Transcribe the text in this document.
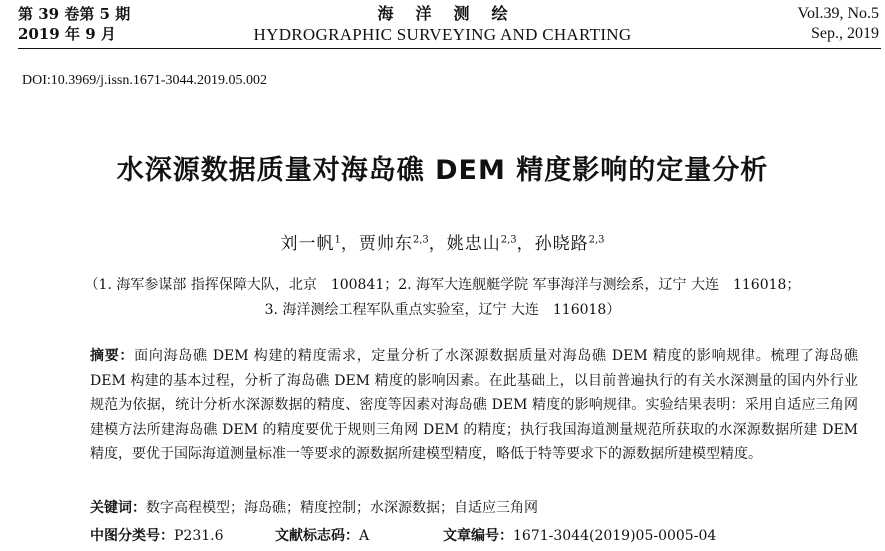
第 39 卷第 5 期
2019 年 9 月
海洋测绘
HYDROGRAPHIC SURVEYING AND CHARTING
Vol.39, No.5
Sep., 2019
DOI:10.3969/j.issn.1671-3044.2019.05.002
水深源数据质量对海岛礁 DEM 精度影响的定量分析
刘一帆$^1$，贾帅东$^{2,3}$，姚忠山$^{2,3}$，孙晓路$^{2,3}$
（1. 海军参谋部 指挥保障大队，北京　100841；2. 海军大连舰艇学院 军事海洋与测绘系，辽宁 大连　116018；
3. 海洋测绘工程军队重点实验室，辽宁 大连　116018）
摘要：面向海岛礁 DEM 构建的精度需求，定量分析了水深源数据质量对海岛礁 DEM 精度的影响规律。梳理了海岛礁 DEM 构建的基本过程，分析了海岛礁 DEM 精度的影响因素。在此基础上，以目前普遍执行的有关水深测量的国内外行业规范为依据，统计分析水深源数据的精度、密度等因素对海岛礁 DEM 精度的影响规律。实验结果表明：采用自适应三角网建模方法所建海岛礁 DEM 的精度要优于规则三角网 DEM 的精度；执行我国海道测量规范所获取的水深源数据所建 DEM 精度，要优于国际海道测量标准一等要求的源数据所建模型精度，略低于特等要求下的源数据所建模型精度。
关键词：数字高程模型；海岛礁；精度控制；水深源数据；自适应三角网
中图分类号：P231.6	文献标志码：A	文章编号：1671-3044(2019)05-0005-04
